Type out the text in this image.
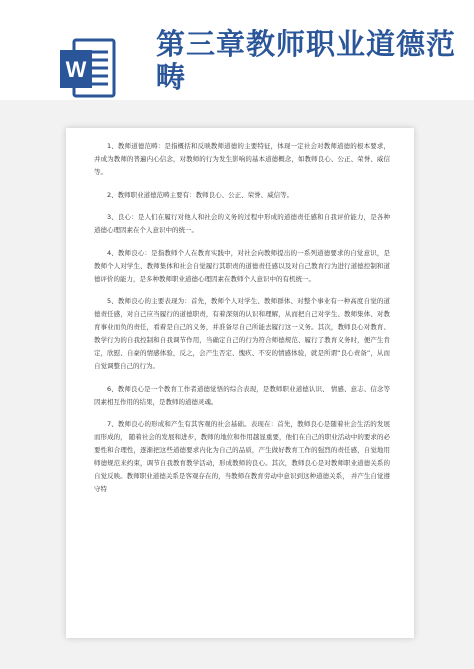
W
第三章教师职业道德范畴

1、教师道德范畴：是指概括和反映教师道德的主要特征，体现一定社会对教师道德的根本要求，并成为教师的普遍内心信念，对教师的行为发生影响的基本道德概念，如教师良心、公正、荣誉、威信等。

2、教师职业道德范畴主要有：教师良心、公正、荣誉、威信等。

3、良心：是人们在履行对他人和社会的义务的过程中形成的道德责任感和自我评价能力，是各种道德心理因素在个人意识中的统一。

4、教师良心：是指教师个人在教育实践中，对社会向教师提出的一系列道德要求的自觉意识，是教师个人对学生、教师集体和社会自觉履行其职责的道德责任感以及对自己教育行为进行道德控制和道德评价的能力，是多种教师职业道德心理因素在教师个人意识中的有机统一。

5、教师良心的主要表现为：首先，教师个人对学生、教师群体、对整个事业有一种高度自觉的道德责任感，对自己应当履行的道德职责，有着深刻的认识和理解，从而把自己对学生、教师集体、对教育事业而负的责任，看着是自己的义务，并准备尽自己所能去履行这一义务。其次，教师良心对教育、教学行为的自我控制和自我调节作用，当确定自己的行为符合师德规范、履行了教育义务时，便产生肯定，欣慰、自豪的情感体验，反之，会产生否定、愧疚、不安的情感体验，就是所谓“良心责备”，从而自觉调整自己的行为。

6、教师良心是一个教育工作者道德觉悟的综合表现，是教师职业道德认识、 情感、意志、信念等因素相互作用的结果，是教师的道德灵魂。

7、教师良心的形成和产生有其客观的社会基础。表现在：首先，教师良心是随着社会生活的发展而形成的， 随着社会的发展和进步，教师的地位和作用越显重要，他们在自己的职业活动中的要求的必要性和合理性，逐渐把这些道德要求内化为自己的品质，产生做好教育工作的强烈的责任感，自觉地用师德规范来约束，调节自我教育教学活动，形成教师的良心。其次，教师良心是对教师职业道德关系的自觉反映。教师职业道德关系是客观存在的，当教师在教育劳动中意识到这种道德关系， 并产生自觉遵守特
